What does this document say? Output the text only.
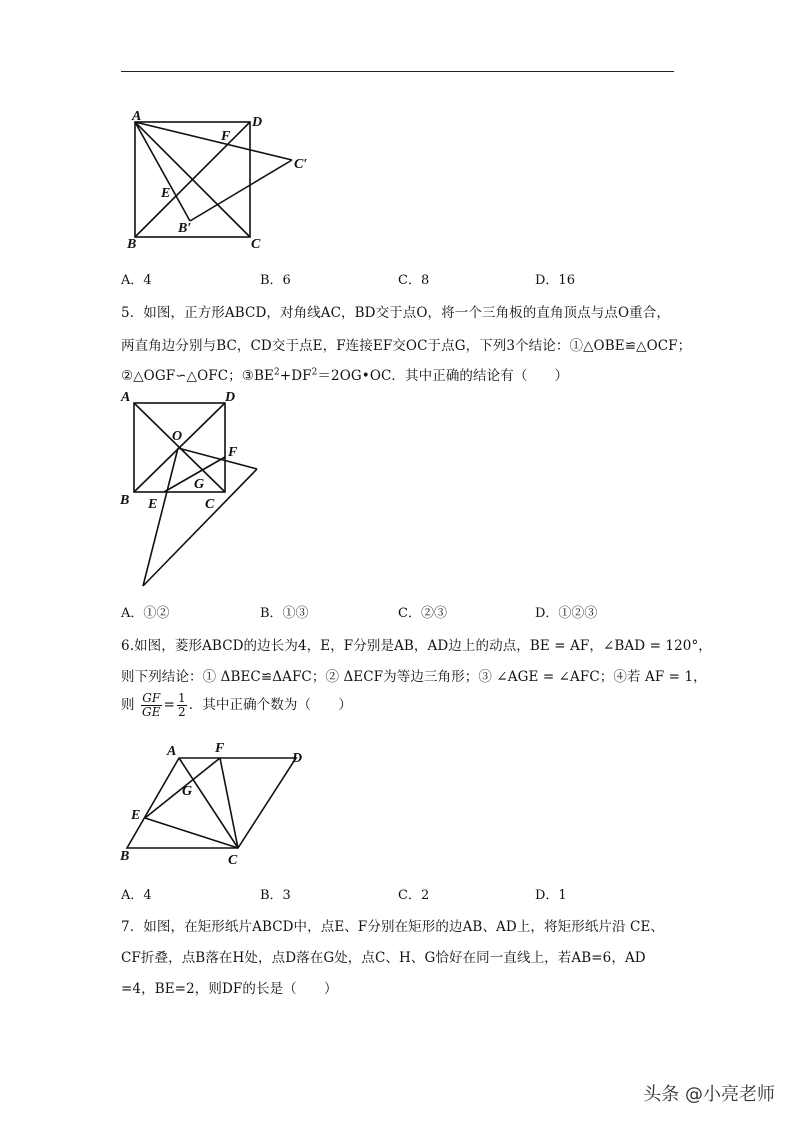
A	D
F
C′
E
B′
B	C
A．4	B．6	C．8	D．16
5．如图，正方形ABCD，对角线AC，BD交于点O，将一个三角板的直角顶点与点O重合，
两直角边分别与BC，CD交于点E，F连接EF交OC于点G，下列3个结论：①△OBE≌△OCF；
②△OGF∽△OFC；$③BE^2+DF^2=2OG•OC$．其中正确的结论有（　　）
A	D
O
F
G
B E	C
A．①②	B．①③	C．②③	D．①②③
6.如图，菱形ABCD的边长为4，E，F分别是AB，AD边上的动点，BE = AF，∠BAD = 120°，
则下列结论：① ΔBEC≌ΔAFC；② ΔECF为等边三角形；③ ∠AGE = ∠AFC；④若 AF = 1，
则 $\frac{GF}{GE} = \frac{1}{2}$ ．其中正确个数为（　　）
A	F
D
G
E
B	C
A．4	B．3	C．2	D．1
7．如图，在矩形纸片ABCD中，点E、F分别在矩形的边AB、AD上，将矩形纸片沿 CE、
CF折叠，点B落在H处，点D落在G处，点C、H、G恰好在同一直线上，若AB=6，AD
=4，BE=2，则DF的长是（　　）
头条 @小亮老师
